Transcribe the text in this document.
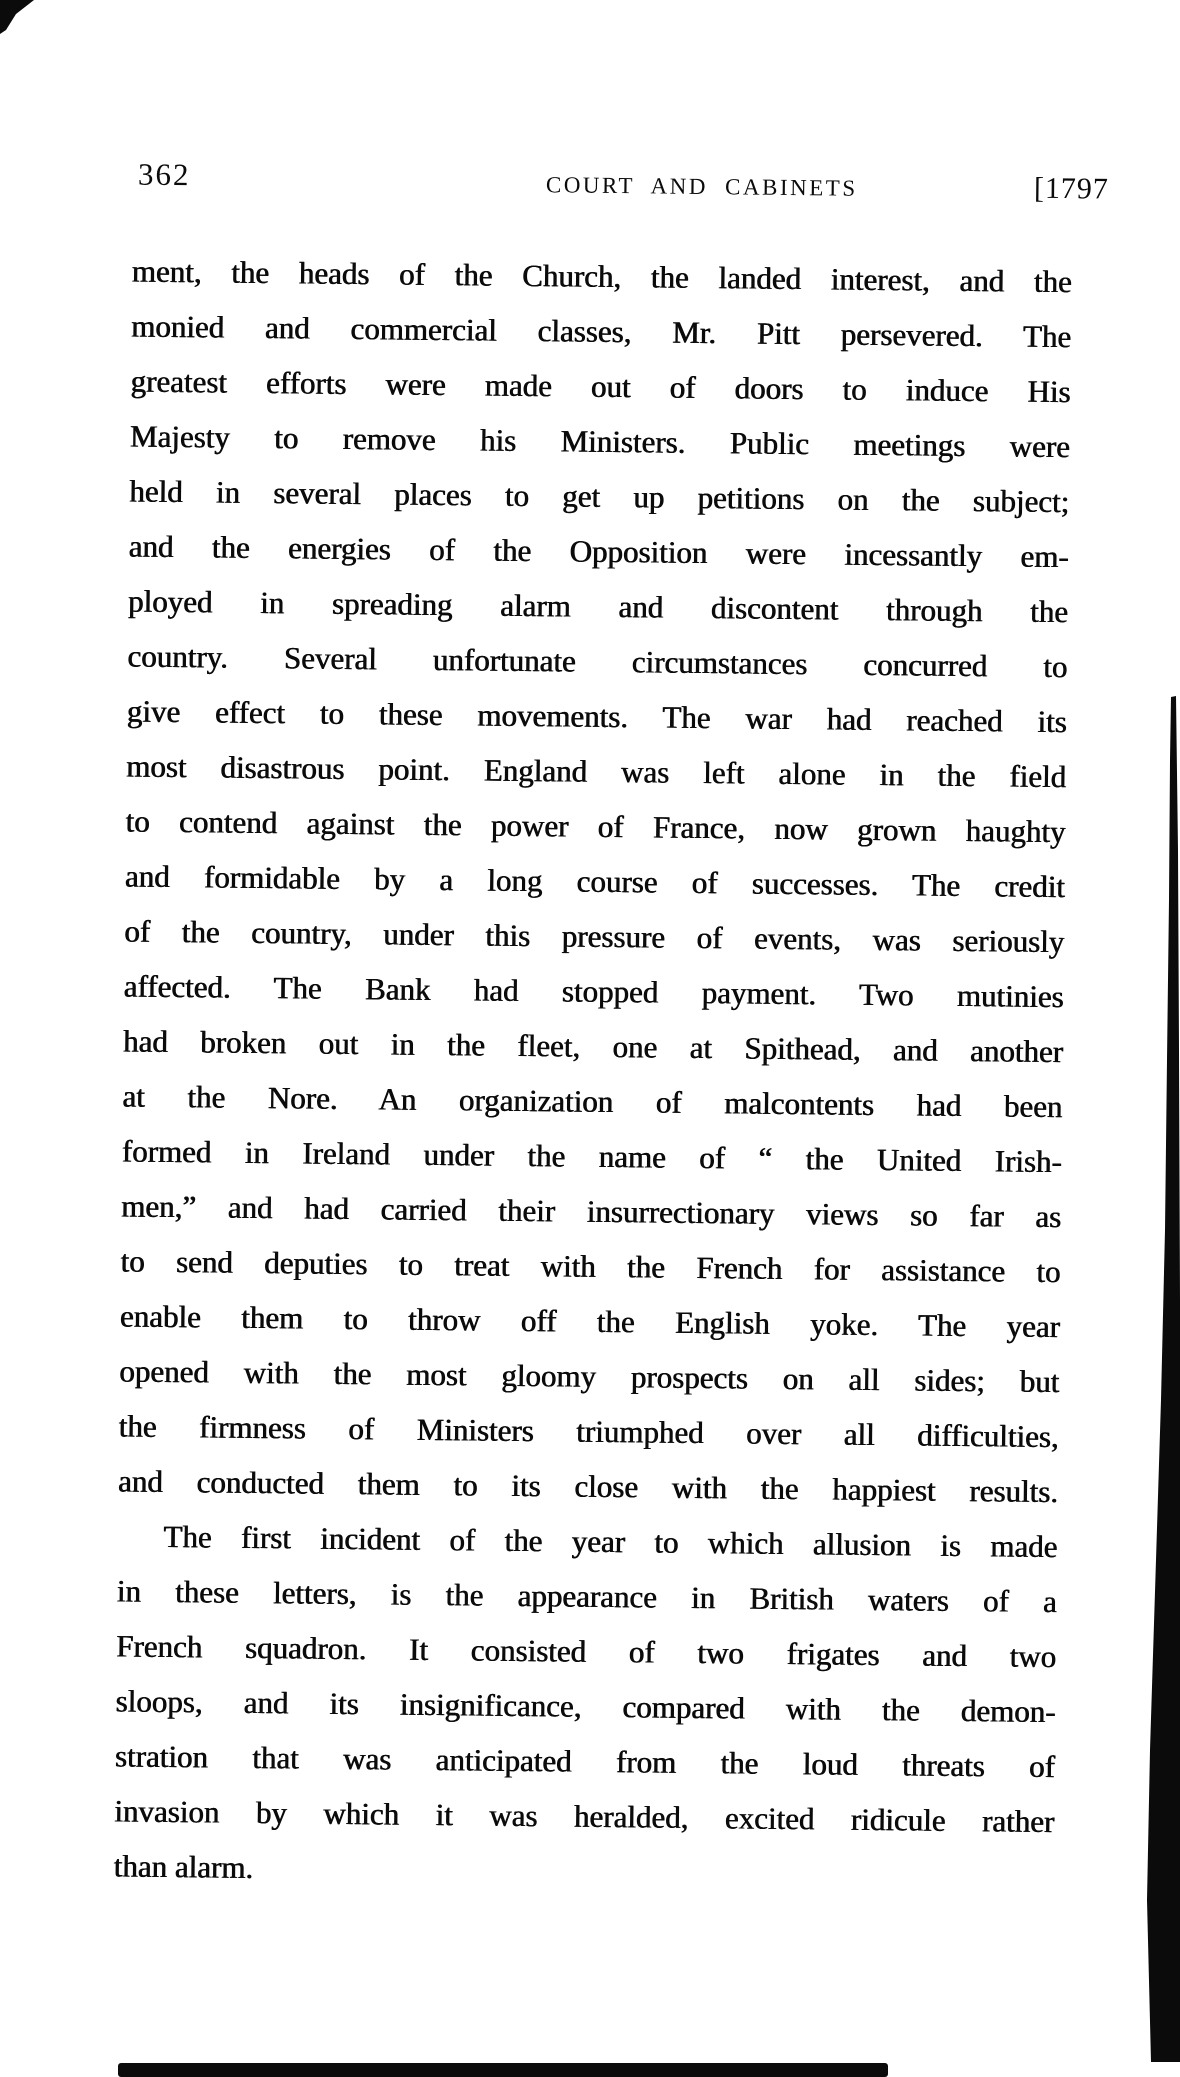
362	COURT AND CABINETS	[1797
ment, the heads of the Church, the landed interest, and the
monied and commercial classes, Mr. Pitt persevered. The
greatest efforts were made out of doors to induce His
Majesty to remove his Ministers. Public meetings were
held in several places to get up petitions on the subject;
and the energies of the Opposition were incessantly em-
ployed in spreading alarm and discontent through the
country. Several unfortunate circumstances concurred to
give effect to these movements. The war had reached its
most disastrous point. England was left alone in the field
to contend against the power of France, now grown haughty
and formidable by a long course of successes. The credit
of the country, under this pressure of events, was seriously
affected. The Bank had stopped payment. Two mutinies
had broken out in the fleet, one at Spithead, and another
at the Nore. An organization of malcontents had been
formed in Ireland under the name of “ the United Irish-
men,” and had carried their insurrectionary views so far as
to send deputies to treat with the French for assistance to
enable them to throw off the English yoke. The year
opened with the most gloomy prospects on all sides; but
the firmness of Ministers triumphed over all difficulties,
and conducted them to its close with the happiest results.
The first incident of the year to which allusion is made
in these letters, is the appearance in British waters of a
French squadron. It consisted of two frigates and two
sloops, and its insignificance, compared with the demon-
stration that was anticipated from the loud threats of
invasion by which it was heralded, excited ridicule rather
than alarm.
